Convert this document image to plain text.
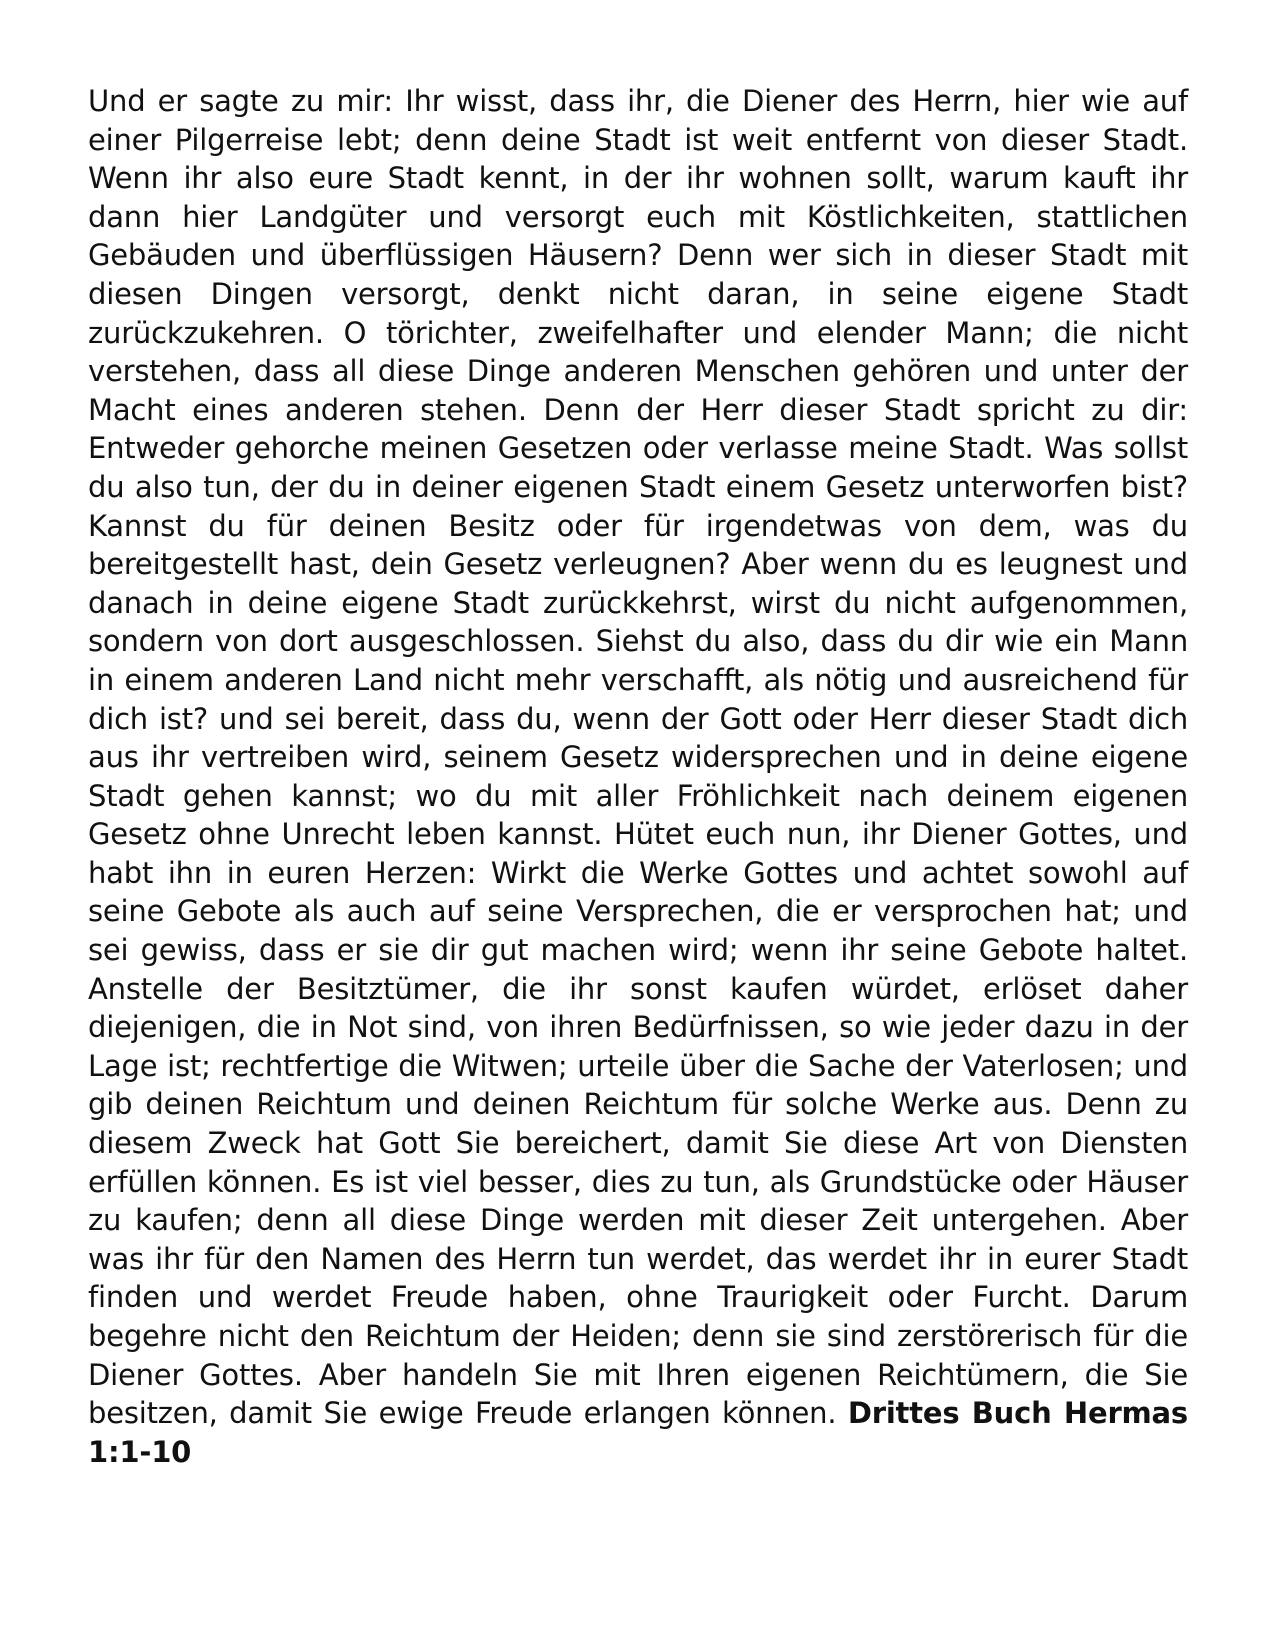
Und er sagte zu mir: Ihr wisst, dass ihr, die Diener des Herrn, hier wie auf einer Pilgerreise lebt; denn deine Stadt ist weit entfernt von dieser Stadt. Wenn ihr also eure Stadt kennt, in der ihr wohnen sollt, warum kauft ihr dann hier Landgüter und versorgt euch mit Köstlichkeiten, stattlichen Gebäuden und überflüssigen Häusern? Denn wer sich in dieser Stadt mit diesen Dingen versorgt, denkt nicht daran, in seine eigene Stadt zurückzukehren. O törichter, zweifelhafter und elender Mann; die nicht verstehen, dass all diese Dinge anderen Menschen gehören und unter der Macht eines anderen stehen. Denn der Herr dieser Stadt spricht zu dir: Entweder gehorche meinen Gesetzen oder verlasse meine Stadt. Was sollst du also tun, der du in deiner eigenen Stadt einem Gesetz unterworfen bist? Kannst du für deinen Besitz oder für irgendetwas von dem, was du bereitgestellt hast, dein Gesetz verleugnen? Aber wenn du es leugnest und danach in deine eigene Stadt zurückkehrst, wirst du nicht aufgenommen, sondern von dort ausgeschlossen. Siehst du also, dass du dir wie ein Mann in einem anderen Land nicht mehr verschafft, als nötig und ausreichend für dich ist? und sei bereit, dass du, wenn der Gott oder Herr dieser Stadt dich aus ihr vertreiben wird, seinem Gesetz widersprechen und in deine eigene Stadt gehen kannst; wo du mit aller Fröhlichkeit nach deinem eigenen Gesetz ohne Unrecht leben kannst. Hütet euch nun, ihr Diener Gottes, und habt ihn in euren Herzen: Wirkt die Werke Gottes und achtet sowohl auf seine Gebote als auch auf seine Versprechen, die er versprochen hat; und sei gewiss, dass er sie dir gut machen wird; wenn ihr seine Gebote haltet. Anstelle der Besitztümer, die ihr sonst kaufen würdet, erlöset daher diejenigen, die in Not sind, von ihren Bedürfnissen, so wie jeder dazu in der Lage ist; rechtfertige die Witwen; urteile über die Sache der Vaterlosen; und gib deinen Reichtum und deinen Reichtum für solche Werke aus. Denn zu diesem Zweck hat Gott Sie bereichert, damit Sie diese Art von Diensten erfüllen können. Es ist viel besser, dies zu tun, als Grundstücke oder Häuser zu kaufen; denn all diese Dinge werden mit dieser Zeit untergehen. Aber was ihr für den Namen des Herrn tun werdet, das werdet ihr in eurer Stadt finden und werdet Freude haben, ohne Traurigkeit oder Furcht. Darum begehre nicht den Reichtum der Heiden; denn sie sind zerstörerisch für die Diener Gottes. Aber handeln Sie mit Ihren eigenen Reichtümern, die Sie besitzen, damit Sie ewige Freude erlangen können. Drittes Buch Hermas 1:1-10
